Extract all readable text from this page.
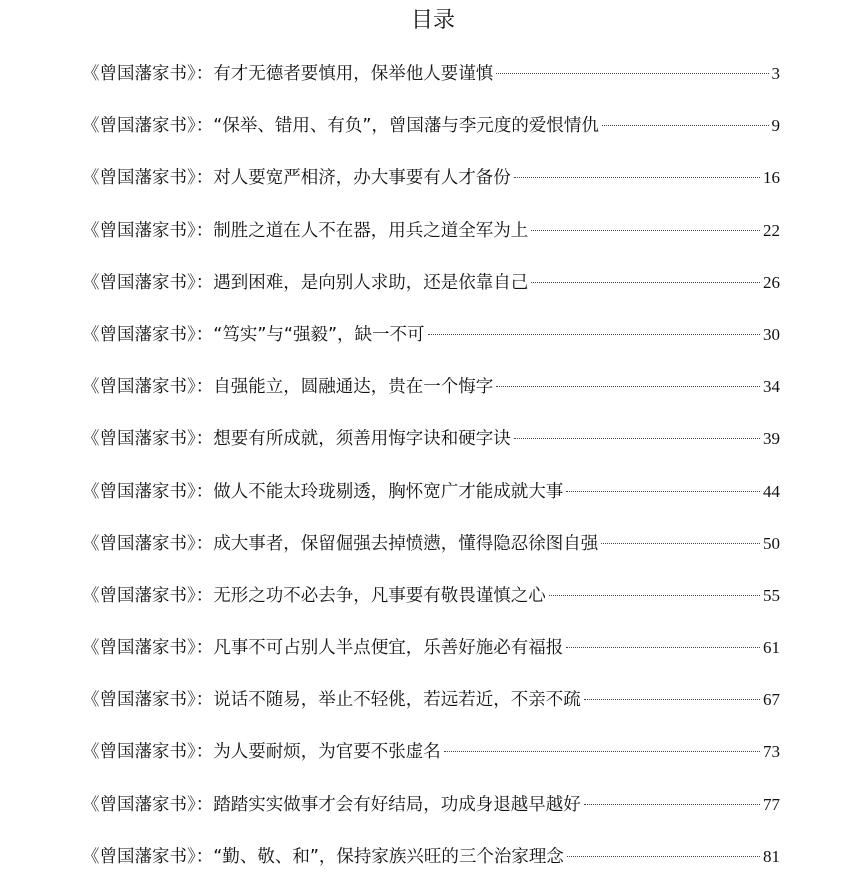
目录
《曾国藩家书》：有才无德者要慎用，保举他人要谨慎	3
《曾国藩家书》：“保举、错用、有负”，曾国藩与李元度的爱恨情仇	9
《曾国藩家书》：对人要宽严相济，办大事要有人才备份	16
《曾国藩家书》：制胜之道在人不在器，用兵之道全军为上	22
《曾国藩家书》：遇到困难，是向别人求助，还是依靠自己	26
《曾国藩家书》：“笃实”与“强毅”，缺一不可	30
《曾国藩家书》：自强能立，圆融通达，贵在一个悔字	34
《曾国藩家书》：想要有所成就，须善用悔字诀和硬字诀	39
《曾国藩家书》：做人不能太玲珑剔透，胸怀宽广才能成就大事	44
《曾国藩家书》：成大事者，保留倔强去掉愤懑，懂得隐忍徐图自强	50
《曾国藩家书》：无形之功不必去争，凡事要有敬畏谨慎之心	55
《曾国藩家书》：凡事不可占别人半点便宜，乐善好施必有福报	61
《曾国藩家书》：说话不随易，举止不轻佻，若远若近，不亲不疏	67
《曾国藩家书》：为人要耐烦，为官要不张虚名	73
《曾国藩家书》：踏踏实实做事才会有好结局，功成身退越早越好	77
《曾国藩家书》：“勤、敬、和”，保持家族兴旺的三个治家理念	81
